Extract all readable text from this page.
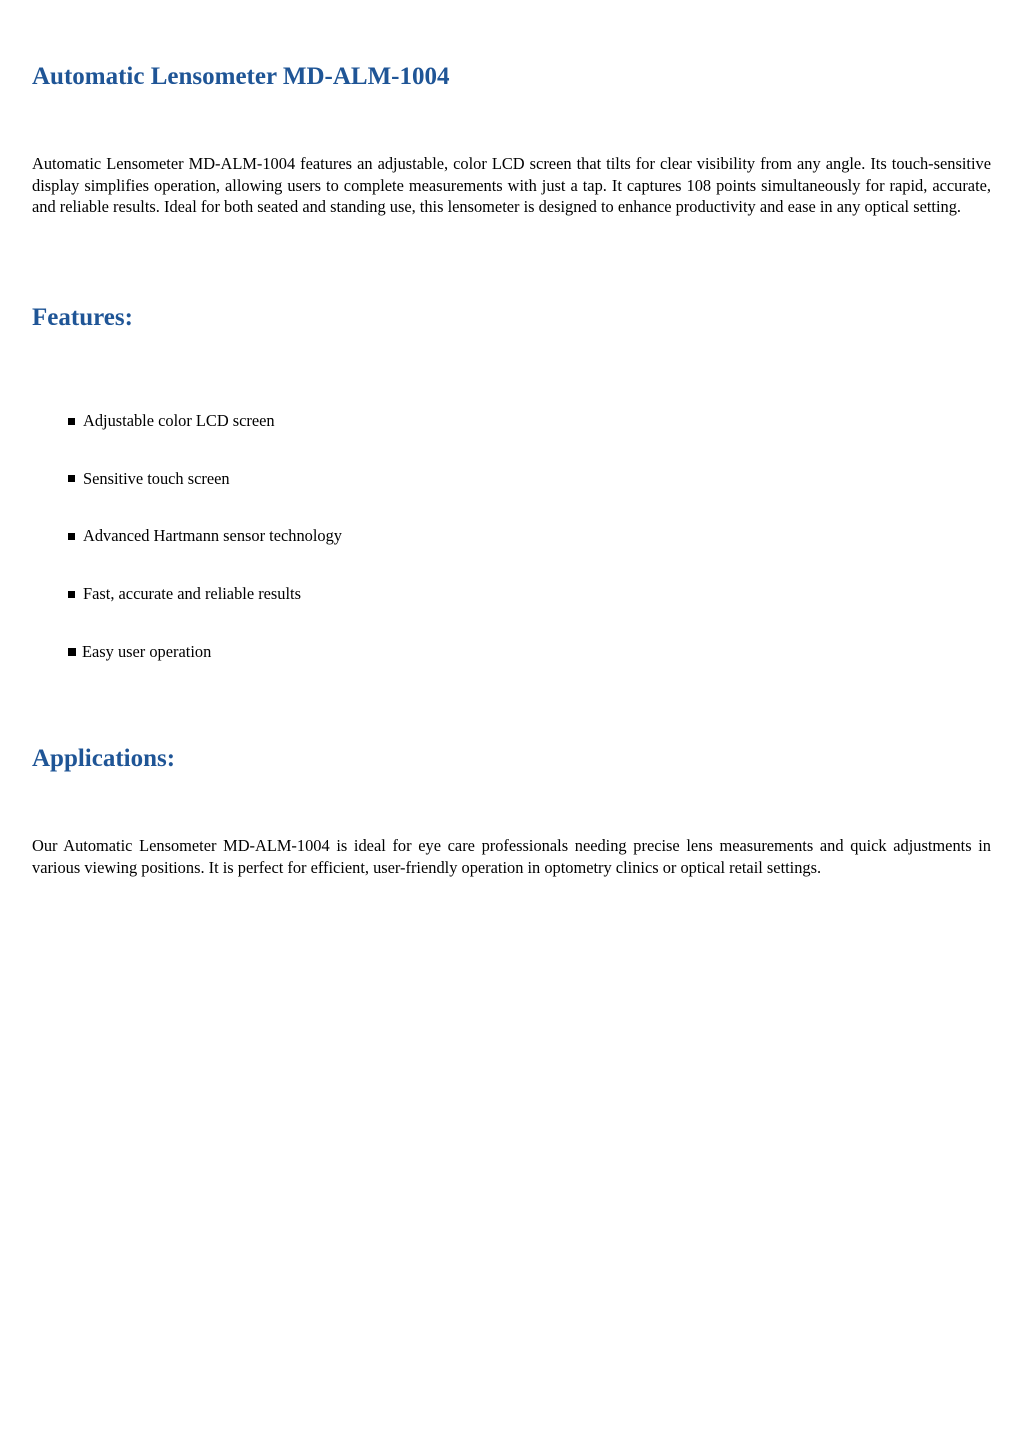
Automatic Lensometer MD-ALM-1004

Automatic Lensometer MD-ALM-1004 features an adjustable, color LCD screen that tilts for clear visibility from any angle. Its touch-sensitive display simplifies operation, allowing users to complete measurements with just a tap. It captures 108 points simultaneously for rapid, accurate, and reliable results. Ideal for both seated and standing use, this lensometer is designed to enhance productivity and ease in any optical setting.

Features:
Adjustable color LCD screen
Sensitive touch screen
Advanced Hartmann sensor technology
Fast, accurate and reliable results
Easy user operation
Applications:

Our Automatic Lensometer MD-ALM-1004 is ideal for eye care professionals needing precise lens measurements and quick adjustments in various viewing positions. It is perfect for efficient, user-friendly operation in optometry clinics or optical retail settings.
